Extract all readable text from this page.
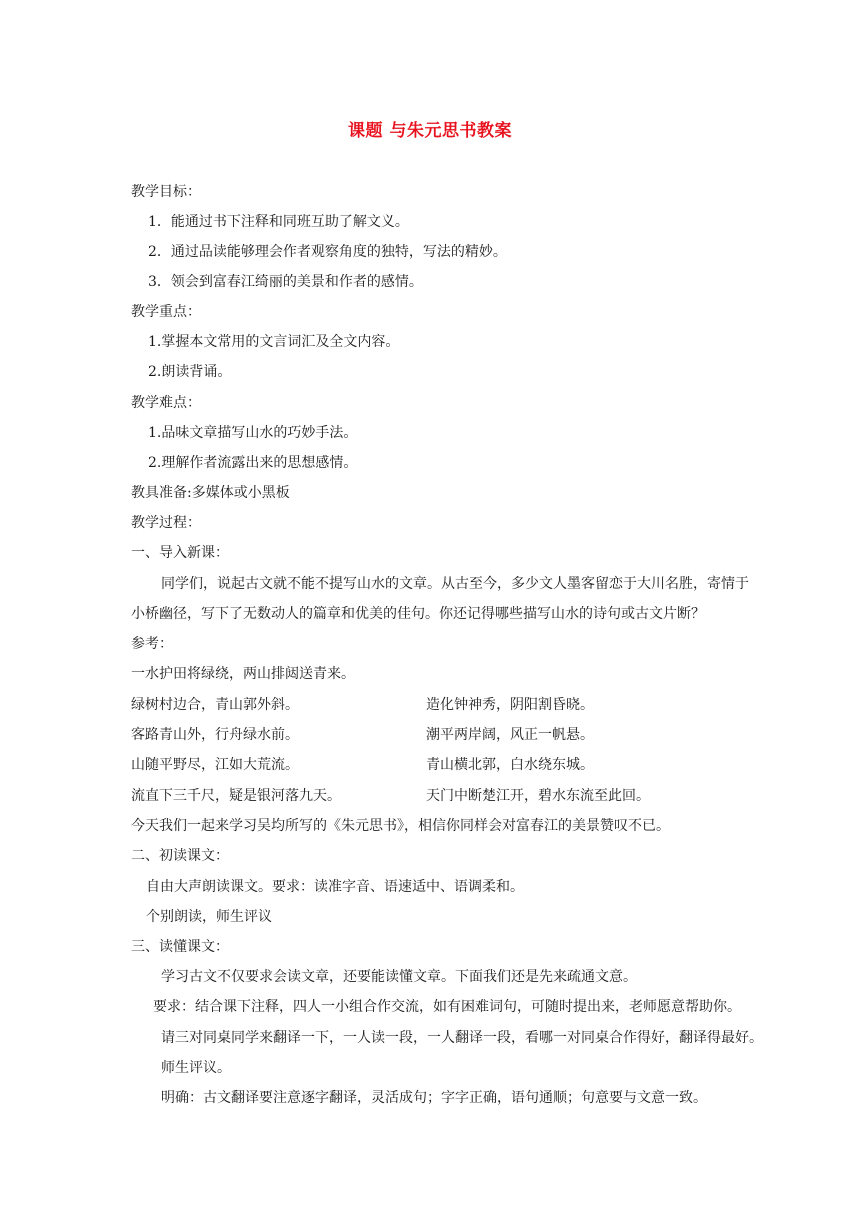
课题 与朱元思书教案
教学目标：
1．能通过书下注释和同班互助了解文义。
2．通过品读能够理会作者观察角度的独特，写法的精妙。
3．领会到富春江绮丽的美景和作者的感情。
教学重点：
1.掌握本文常用的文言词汇及全文内容。
2.朗读背诵。
教学难点：
1.品味文章描写山水的巧妙手法。
2.理解作者流露出来的思想感情。
教具准备:多媒体或小黑板
教学过程：
一、导入新课：
同学们，说起古文就不能不提写山水的文章。从古至今，多少文人墨客留恋于大川名胜，寄情于
小桥幽径，写下了无数动人的篇章和优美的佳句。你还记得哪些描写山水的诗句或古文片断？
参考：
一水护田将绿绕，两山排闼送青来。
绿树村边合，青山郭外斜。	造化钟神秀，阴阳割昏晓。
客路青山外，行舟绿水前。	潮平两岸阔，风正一帆悬。
山随平野尽，江如大荒流。	青山横北郭，白水绕东城。
流直下三千尺，疑是银河落九天。	天门中断楚江开，碧水东流至此回。
今天我们一起来学习吴均所写的《朱元思书》，相信你同样会对富春江的美景赞叹不已。
二、初读课文：
自由大声朗读课文。要求：读准字音、语速适中、语调柔和。
个别朗读，师生评议
三、读懂课文：
学习古文不仅要求会读文章，还要能读懂文章。下面我们还是先来疏通文意。
要求：结合课下注释，四人一小组合作交流，如有困难词句，可随时提出来，老师愿意帮助你。
请三对同桌同学来翻译一下，一人读一段，一人翻译一段，看哪一对同桌合作得好，翻译得最好。
师生评议。
明确：古文翻译要注意逐字翻译，灵活成句；字字正确，语句通顺；句意要与文意一致。
